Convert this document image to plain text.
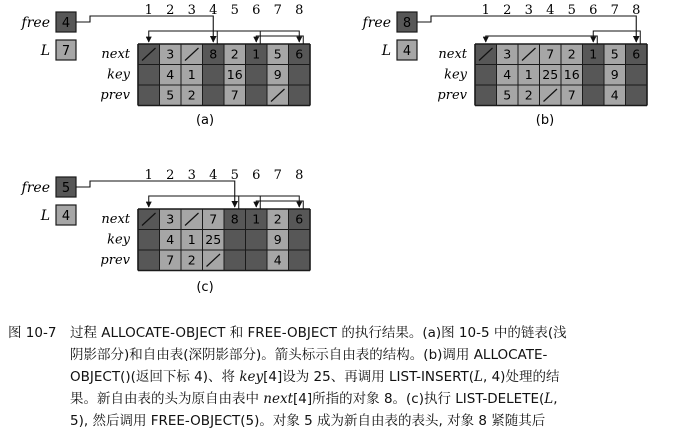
1 2 3 4 5 6 7 8
free 4
L 7 next
key
prev
3
4
5
1
2
8 2
16
7
1 5
9
6
(a)
1 2 3 4 5 6 7 8
free 8
L 4 next
key
prev
3
4
5
1
2
7
25
2
16
7
1 5
9
4
6
(b)
1 2 3 4 5 6 7 8
free 5
L 4 next
key
prev
3
4
7
1
2
7
25
8 1 2
9
4
6
(c)
图 10-7 过程 ALLOCATE-OBJECT 和 FREE-OBJECT 的执行结果。(a)图 10-5 中的链表(浅
阴影部分)和自由表(深阴影部分)。箭头标示自由表的结构。(b)调用 ALLOCATE-
OBJECT()(返回下标 4)、将 key[4]设为 25、再调用 LIST-INSERT(L, 4)处理的结
果。新自由表的头为原自由表中 next[4]所指的对象 8。(c)执行 LIST-DELETE(L,
5), 然后调用 FREE-OBJECT(5)。对象 5 成为新自由表的表头, 对象 8 紧随其后
